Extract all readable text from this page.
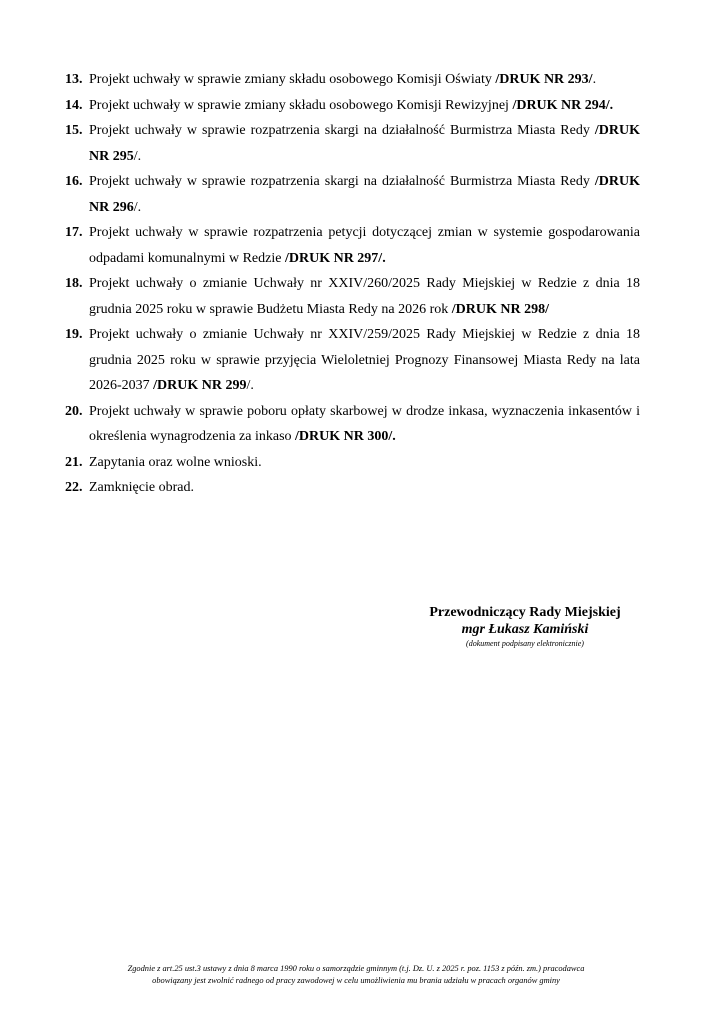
13. Projekt uchwały w sprawie zmiany składu osobowego Komisji Oświaty /DRUK NR 293/.
14. Projekt uchwały w sprawie zmiany składu osobowego Komisji Rewizyjnej /DRUK NR 294/.
15. Projekt uchwały w sprawie rozpatrzenia skargi na działalność Burmistrza Miasta Redy /DRUK NR 295/.
16. Projekt uchwały w sprawie rozpatrzenia skargi na działalność Burmistrza Miasta Redy /DRUK NR 296/.
17. Projekt uchwały w sprawie rozpatrzenia petycji dotyczącej zmian w systemie gospodarowania odpadami komunalnymi w Redzie /DRUK NR 297/.
18. Projekt uchwały o zmianie Uchwały nr XXIV/260/2025 Rady Miejskiej w Redzie z dnia 18 grudnia 2025 roku w sprawie Budżetu Miasta Redy na 2026 rok /DRUK NR 298/
19. Projekt uchwały o zmianie Uchwały nr XXIV/259/2025 Rady Miejskiej w Redzie z dnia 18 grudnia 2025 roku w sprawie przyjęcia Wieloletniej Prognozy Finansowej Miasta Redy na lata 2026-2037 /DRUK NR 299/.
20. Projekt uchwały w sprawie poboru opłaty skarbowej w drodze inkasa, wyznaczenia inkasentów i określenia wynagrodzenia za inkaso /DRUK NR 300/.
21. Zapytania oraz wolne wnioski.
22. Zamknięcie obrad.
Przewodniczący Rady Miejskiej
mgr Łukasz Kamiński
(dokument podpisany elektronicznie)
Zgodnie z art.25 ust.3 ustawy z dnia 8 marca 1990 roku o samorządzie gminnym (t.j. Dz. U. z 2025 r. poz. 1153 z późn. zm.) pracodawca
obowiązany jest zwolnić radnego od pracy zawodowej w celu umożliwienia mu brania udziału w pracach organów gminy
